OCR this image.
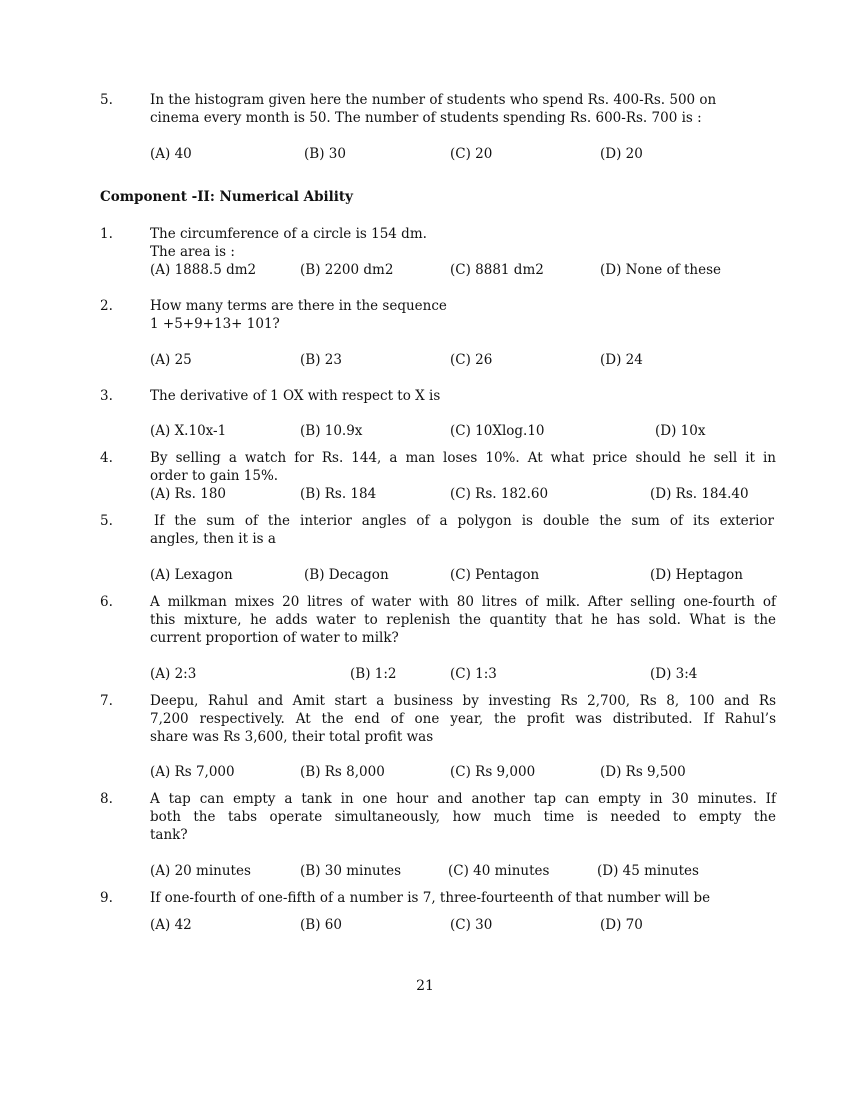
5.	In the histogram given here the number of students who spend Rs. 400-Rs. 500 on
cinema every month is 50. The number of students spending Rs. 600-Rs. 700 is :
(A) 40	(B) 30	(C) 20	(D) 20
Component -II: Numerical Ability
1.	The circumference of a circle is 154 dm.
The area is :
(A) 1888.5 dm2	(B) 2200 dm2	(C) 8881 dm2	(D) None of these
2.	How many terms are there in the sequence
1 +5+9+13+ 101?
(A) 25	(B) 23	(C) 26	(D) 24
3.	The derivative of 1 OX with respect to X is
(A) X.10x-1	(B) 10.9x	(C) 10Xlog.10	(D) 10x
4.	By selling a watch for Rs. 144, a man loses 10%. At what price should he sell it in
order to gain 15%.
(A) Rs. 180	(B) Rs. 184	(C) Rs. 182.60	(D) Rs. 184.40
5.	If the sum of the interior angles of a polygon is double the sum of its exterior
angles, then it is a
(A) Lexagon	(B) Decagon	(C) Pentagon	(D) Heptagon
6.	A milkman mixes 20 litres of water with 80 litres of milk. After selling one-fourth of
this mixture, he adds water to replenish the quantity that he has sold. What is the
current proportion of water to milk?
(A) 2:3	(B) 1:2	(C) 1:3	(D) 3:4
7.	Deepu, Rahul and Amit start a business by investing Rs 2,700, Rs 8, 100 and Rs
7,200 respectively. At the end of one year, the profit was distributed. If Rahul’s
share was Rs 3,600, their total profit was
(A) Rs 7,000	(B) Rs 8,000	(C) Rs 9,000	(D) Rs 9,500
8.	A tap can empty a tank in one hour and another tap can empty in 30 minutes. If
both the tabs operate simultaneously, how much time is needed to empty the
tank?
(A) 20 minutes	(B) 30 minutes	(C) 40 minutes	(D) 45 minutes
9.	If one-fourth of one-fifth of a number is 7, three-fourteenth of that number will be
(A) 42	(B) 60	(C) 30	(D) 70
21
